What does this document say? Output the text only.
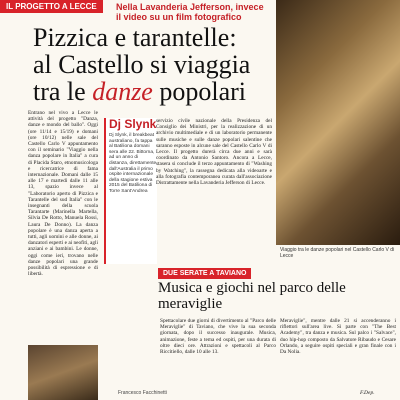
IL PROGETTO A LECCE	Nella Lavanderia Jefferson, invece il video su un film fotografico
Viaggio tra le danze popolari nel Castello Carlo V di Lecce
Pizzica e tarantelle:
al Castello si viaggia
tra le danze popolari
Entrano nel vivo a Lecce le attività del progetto "Danza, danze e mondo del ballo". Oggi (ore 11/14 e 15/19) e domani (ore 10/12) nelle sale del Castello Carlo V appuntamento con il seminario "Viaggio nella danza popolare in Italia" a cura di Placida Staro, etnomusicologa e ricercatrice di fama internazionale. Domani dalle 15 alle 17 e martedì dalle 11 alle 13, spazio invece al "Laboratorio aperto di Pizzica e Tarantelle del sud Italia" con le insegnanti della scuola Tarantarte (Marinella Martella, Silvia De Rotto, Manuela Rossi, Laura De Donno). La danza popolare è una danza aperta a tutti, agli uomini e alle donne, ai danzatori esperti e ai neofiti, agli anziani e ai bambini. Le donne, oggi come ieri, trovano nelle danze popolari una grande possibilità di espressione e di libertà.
Dj Slynk
Dj Slynk, il breakbeat australiano, fa tappa al Batiliona domani sera alle 22. Bittorna, ad un anno di distanza, direttamente dall'Australia il primo ospite internazionale della stagione estiva 2015 del Batiliona di Torre Sant'Andrea
servizio civile nazionale della Presidenza del Consiglio dei Ministri, per la realizzazione di un archivio multimediale e di un laboratorio permanente sulle musiche e sulle danze popolari salentine che saranno esposte in alcune sale del Castello Carlo V di Lecce. Il progetto durerà circa due anni e sarà coordinato da Antonio Santoro. Ancora a Lecce, stasera si conclude il terzo appuntamento di "Washing by Watching", la rassegna dedicata alla videoarte e alla fotografia contemporanea curata dall'associazione Distrattamente nella Lavanderia Jefferson di Lecce.
Francesco Facchinetti
DUE SERATE A TAVIANO
Musica e giochi nel parco delle meraviglie
Spettacolare due giorni di divertimento al "Parco delle Meraviglie" di Taviano, che vive la sua seconda giornata, dopo il successo inaugurale. Musica, animazione, feste a tema ed ospiti, per una durata di oltre dieci ore. Attrazioni e spettacoli al Parco Riccitiello, dalle 10 alle 13.
Meraviglie", mentre dalle 21 si accenderanno i riflettori sull'area live. Si parte con "The Best Academy", tra danza e musica. Sul palco i "Salvace", duo hip-hop composto da Salvatore Ribaudo e Cesare Orlando, a seguire ospiti speciali e gran finale con i Da Nolia.
F.Dep.
